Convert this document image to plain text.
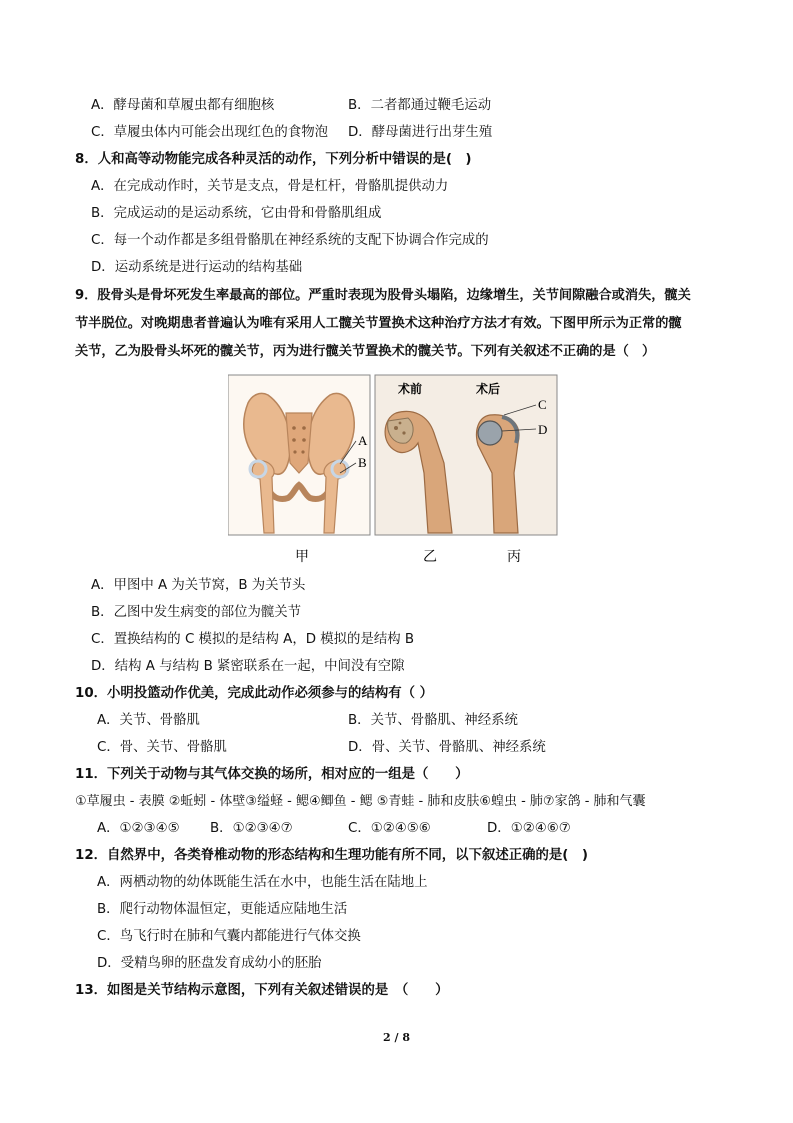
A．酵母菌和草履虫都有细胞核	B．二者都通过鞭毛运动
C．草履虫体内可能会出现红色的食物泡 D．酵母菌进行出芽生殖
8．人和高等动物能完成各种灵活的动作，下列分析中错误的是(　)
A．在完成动作时，关节是支点，骨是杠杆，骨骼肌提供动力
B．完成运动的是运动系统，它由骨和骨骼肌组成
C．每一个动作都是多组骨骼肌在神经系统的支配下协调合作完成的
D．运动系统是进行运动的结构基础
9．股骨头是骨坏死发生率最高的部位。严重时表现为股骨头塌陷，边缘增生，关节间隙融合或消失，髋关
节半脱位。对晚期患者普遍认为唯有采用人工髋关节置换术这种治疗方法才有效。下图甲所示为正常的髋
关节，乙为股骨头坏死的髋关节，丙为进行髋关节置换术的髋关节。下列有关叙述不正确的是（　）
A
B
术前	术后
C
D
甲	乙	丙
A．甲图中 A 为关节窝，B 为关节头
B．乙图中发生病变的部位为髋关节
C．置换结构的 C 模拟的是结构 A，D 模拟的是结构 B
D．结构 A 与结构 B 紧密联系在一起，中间没有空隙
10．小明投篮动作优美，完成此动作必须参与的结构有（ ）
A．关节、骨骼肌	B．关节、骨骼肌、神经系统
C．骨、关节、骨骼肌	D．骨、关节、骨骼肌、神经系统
11．下列关于动物与其气体交换的场所，相对应的一组是（　　）
①草履虫 - 表膜 ②蚯蚓 - 体壁③缢蛏 - 鳃④鲫鱼 - 鳃 ⑤青蛙 - 肺和皮肤⑥蝗虫 - 肺⑦家鸽 - 肺和气囊
A．①②③④⑤ B．①②③④⑦	C．①②④⑤⑥	D．①②④⑥⑦
12．自然界中，各类脊椎动物的形态结构和生理功能有所不同，以下叙述正确的是(　)
A．两栖动物的幼体既能生活在水中，也能生活在陆地上
B．爬行动物体温恒定，更能适应陆地生活
C．鸟飞行时在肺和气囊内都能进行气体交换
D．受精鸟卵的胚盘发育成幼小的胚胎
13．如图是关节结构示意图，下列有关叙述错误的是　（　　）
2 / 8
